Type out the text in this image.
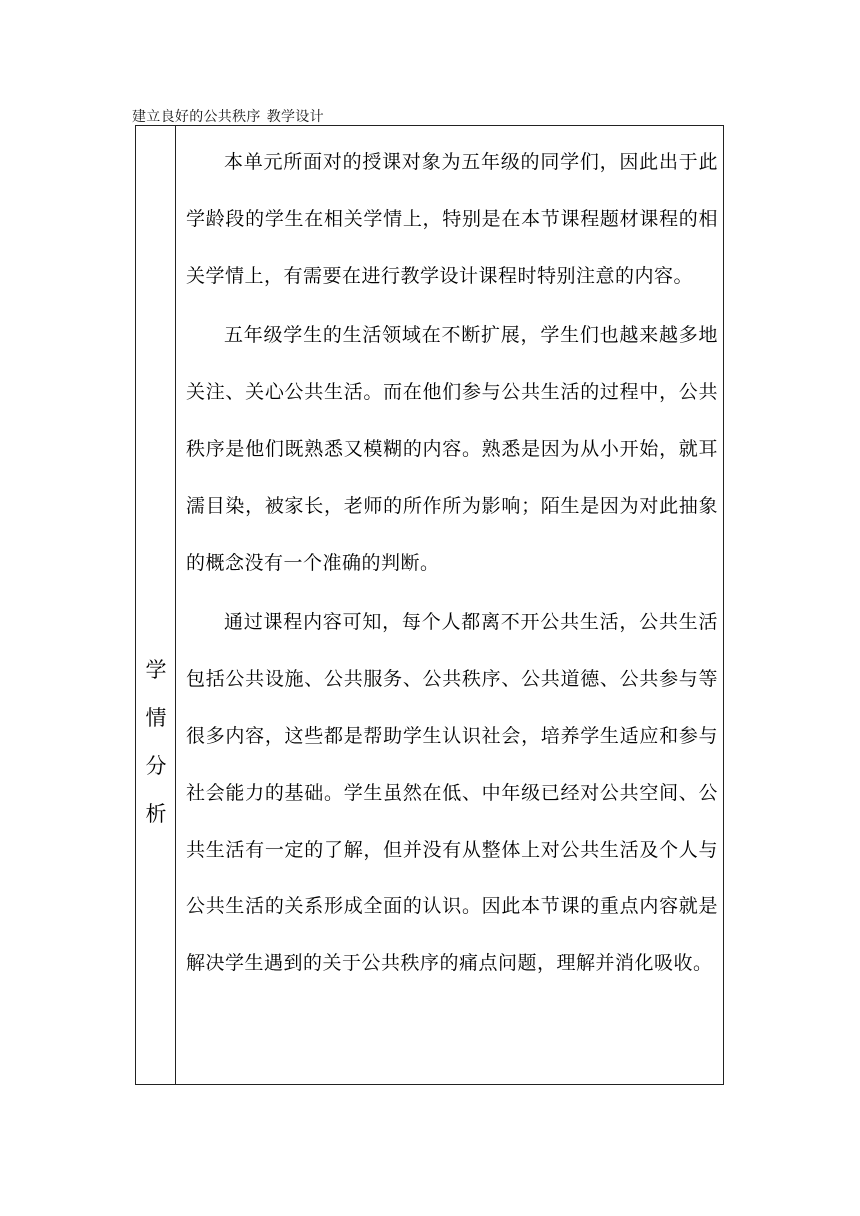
建立良好的公共秩序 教学设计
学
情
分
析

本单元所面对的授课对象为五年级的同学们，因此出于此学龄段的学生在相关学情上，特别是在本节课程题材课程的相关学情上，有需要在进行教学设计课程时特别注意的内容。

五年级学生的生活领域在不断扩展，学生们也越来越多地关注、关心公共生活。而在他们参与公共生活的过程中，公共秩序是他们既熟悉又模糊的内容。熟悉是因为从小开始，就耳濡目染，被家长，老师的所作所为影响；陌生是因为对此抽象的概念没有一个准确的判断。

通过课程内容可知，每个人都离不开公共生活，公共生活包括公共设施、公共服务、公共秩序、公共道德、公共参与等很多内容，这些都是帮助学生认识社会，培养学生适应和参与社会能力的基础。学生虽然在低、中年级已经对公共空间、公共生活有一定的了解，但并没有从整体上对公共生活及个人与公共生活的关系形成全面的认识。因此本节课的重点内容就是解决学生遇到的关于公共秩序的痛点问题，理解并消化吸收。
